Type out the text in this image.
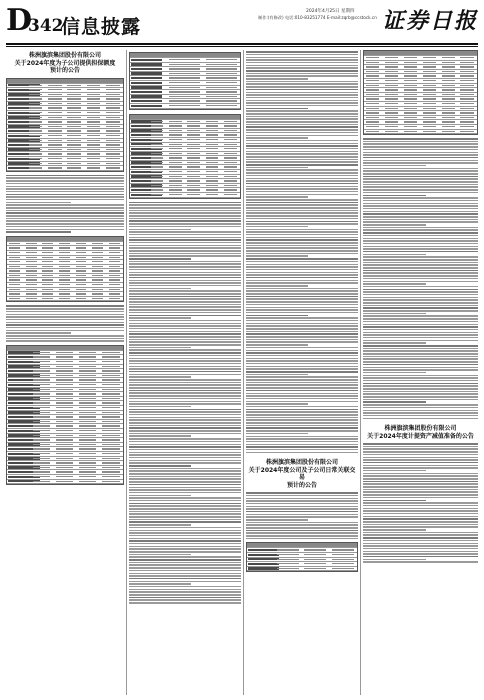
D
342
信息披露
2024年4月25日 星期四
制作:(有修改) 电话:010-83251774 E-mail:zqrb@ccstock.cn 证券日报
株洲旗滨集团股份有限公司
关于2024年度为子公司提供担保额度
预计的公告
株洲旗滨集团股份有限公司
关于2024年度公司及子公司日常关联交易
预计的公告
株洲旗滨集团股份有限公司
关于2024年度计提资产减值准备的公告
